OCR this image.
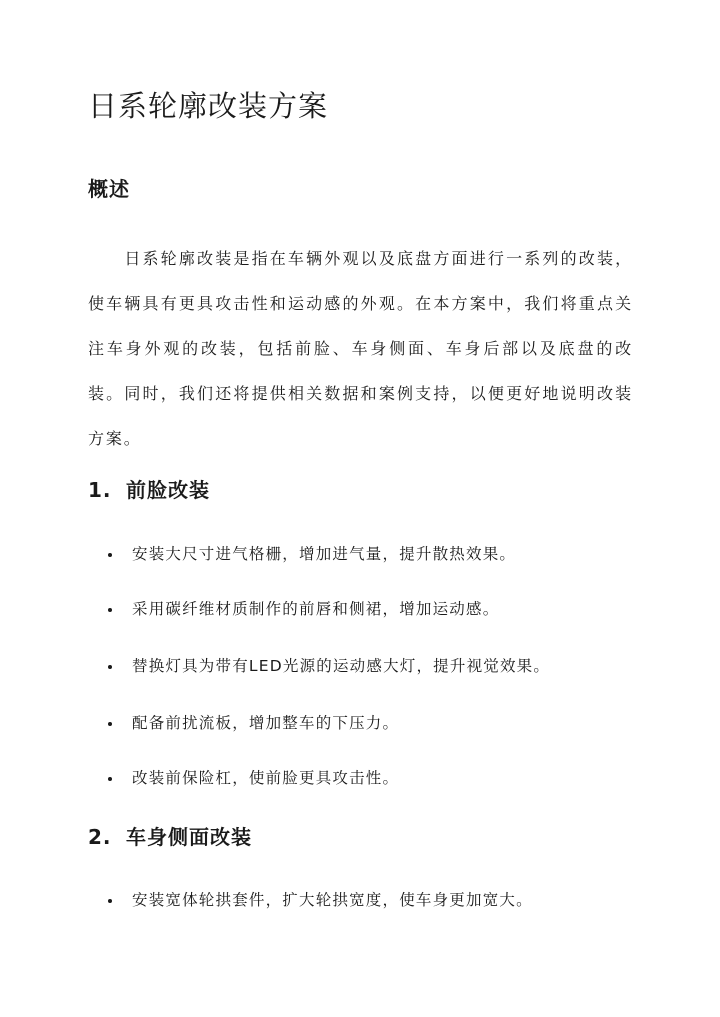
日系轮廓改装方案
概述

日系轮廓改装是指在车辆外观以及底盘方面进行一系列的改装，使车辆具有更具攻击性和运动感的外观。在本方案中，我们将重点关注车身外观的改装，包括前脸、车身侧面、车身后部以及底盘的改装。同时，我们还将提供相关数据和案例支持，以便更好地说明改装方案。

1. 前脸改装
安装大尺寸进气格栅，增加进气量，提升散热效果。
采用碳纤维材质制作的前唇和侧裙，增加运动感。
替换灯具为带有LED光源的运动感大灯，提升视觉效果。
配备前扰流板，增加整车的下压力。
改装前保险杠，使前脸更具攻击性。
2. 车身侧面改装
安装宽体轮拱套件，扩大轮拱宽度，使车身更加宽大。
